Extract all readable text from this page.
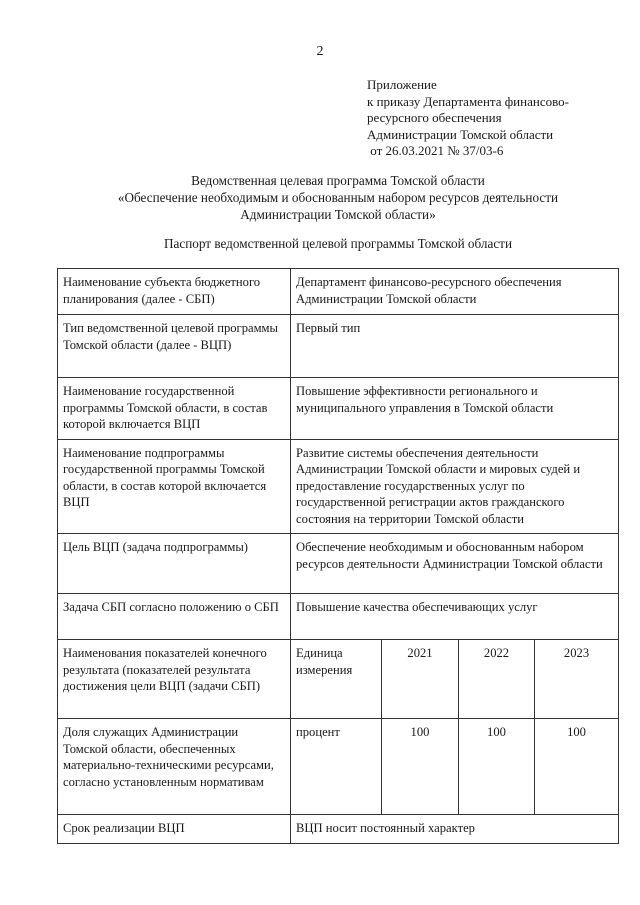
2
Приложение
к приказу Департамента финансово-
ресурсного обеспечения
Администрации Томской области
от 26.03.2021 № 37/03-6
Ведомственная целевая программа Томской области
«Обеспечение необходимым и обоснованным набором ресурсов деятельности
Администрации Томской области»
Паспорт ведомственной целевой программы Томской области
Наименование субъекта бюджетного планирования (далее - СБП)	Департамент финансово-ресурсного обеспечения Администрации Томской области			
Тип ведомственной целевой программы Томской области (далее - ВЦП)	Первый тип			
Наименование государственной программы Томской области, в состав которой включается ВЦП	Повышение эффективности регионального и муниципального управления в Томской области			
Наименование подпрограммы государственной программы Томской области, в состав которой включается ВЦП	Развитие системы обеспечения деятельности Администрации Томской области и мировых судей и предоставление государственных услуг по государственной регистрации актов гражданского состояния на территории Томской области			
Цель ВЦП (задача подпрограммы)	Обеспечение необходимым и обоснованным набором ресурсов деятельности Администрации Томской области			
Задача СБП согласно положению о СБП	Повышение качества обеспечивающих услуг			
Наименования показателей конечного результата (показателей результата достижения цели ВЦП (задачи СБП)	Единица измерения	2021	2022	2023
Доля служащих Администрации Томской области, обеспеченных материально-техническими ресурсами, согласно установленным нормативам	процент	100	100	100
Срок реализации ВЦП	ВЦП носит постоянный характер			
